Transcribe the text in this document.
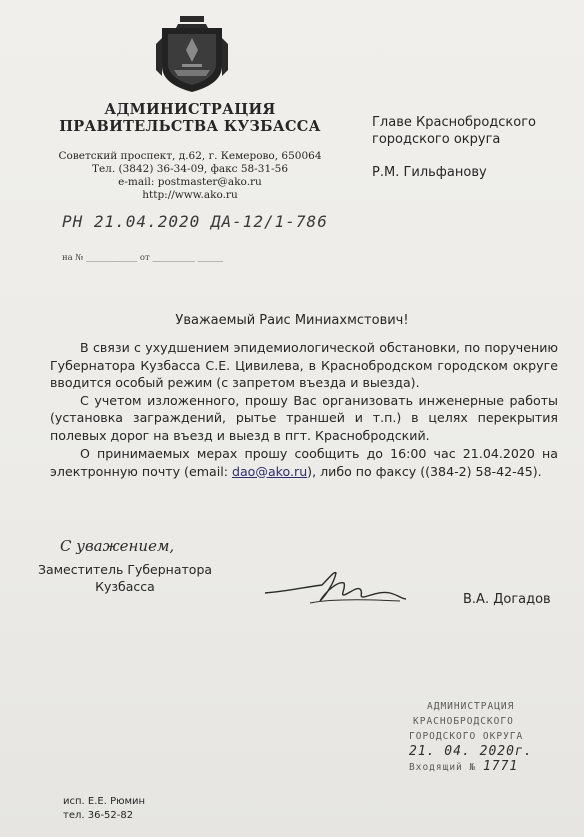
АДМИНИСТРАЦИЯ
ПРАВИТЕЛЬСТВА КУЗБАССА
Советский проспект, д.62, г. Кемерово, 650064
Тел. (3842) 36-34-09, факс 58-31-56
e-mail: postmaster@ako.ru
http://www.ako.ru
Главе Краснобродского
городского округа
Р.М. Гильфанову
РН 21.04.2020 ДА-12/1-786
на № ____________ от __________ ______
Уважаемый Раис Миниахмстович!

В связи с ухудшением эпидемиологической обстановки, по поручению Губернатора Кузбасса С.Е. Цивилева, в Краснобродском городском округе вводится особый режим (с запретом въезда и выезда).

С учетом изложенного, прошу Вас организовать инженерные работы (установка заграждений, рытье траншей и т.п.) в целях перекрытия полевых дорог на въезд и выезд в пгт. Краснобродский.

О принимаемых мерах прошу сообщить до 16:00 час 21.04.2020 на электронную почту (email: dao@ako.ru), либо по факсу ((384-2) 58-42-45).

С уважением,
Заместитель Губернатора
Кузбасса
В.А. Догадов
АДМИНИСТРАЦИЯ
КРАСНОБРОДСКОГО
ГОРОДСКОГО ОКРУГА
21. 04. 2020г.
Входящий № 1771
исп. Е.Е. Рюмин
тел. 36-52-82
